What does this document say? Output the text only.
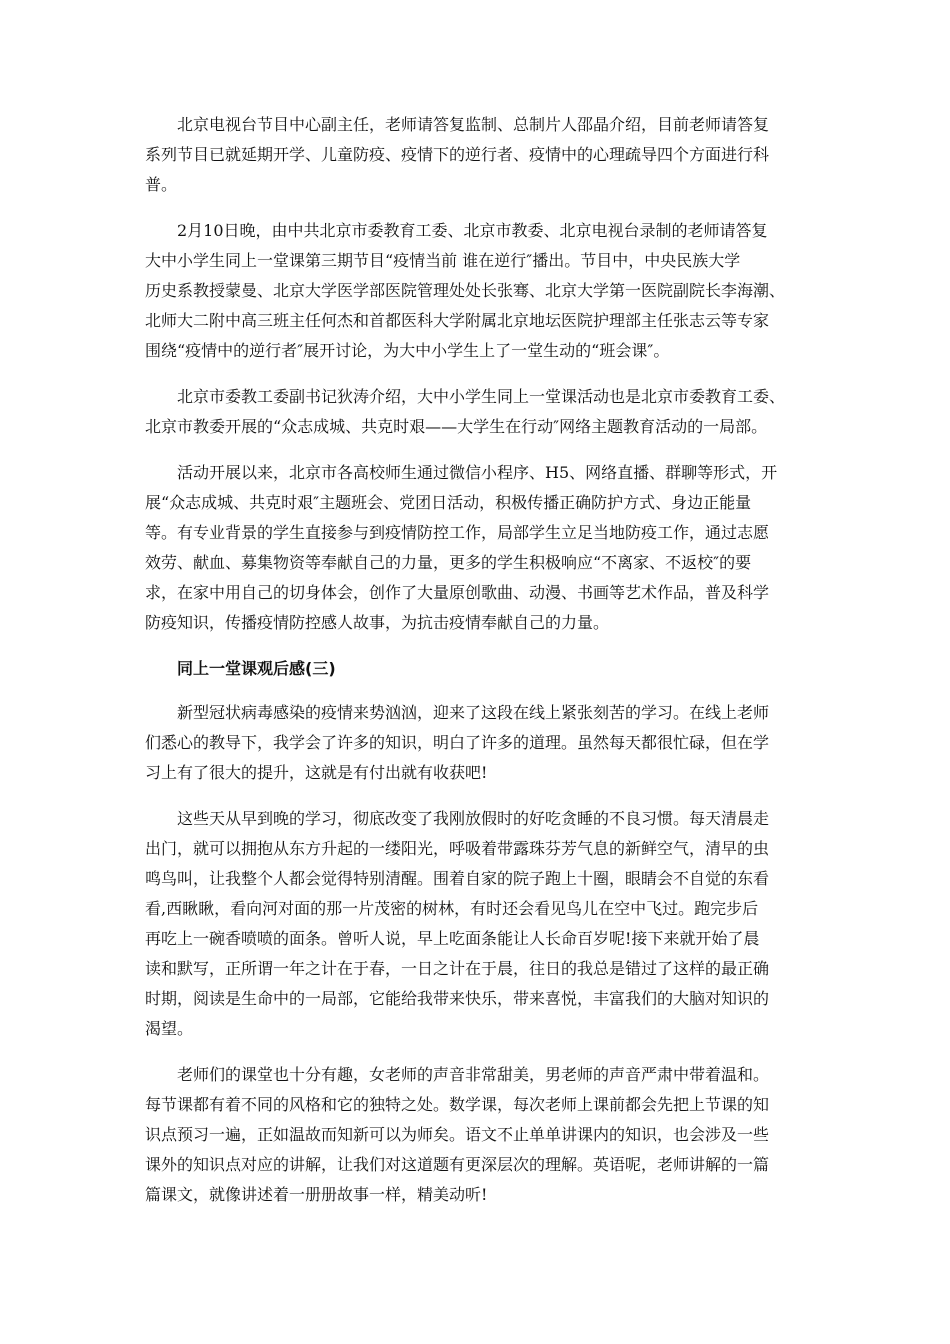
北京电视台节目中心副主任，老师请答复监制、总制片人邵晶介绍，目前老师请答复
系列节目已就延期开学、儿童防疫、疫情下的逆行者、疫情中的心理疏导四个方面进行科
普。
2月10日晚，由中共北京市委教育工委、北京市教委、北京电视台录制的老师请答复
大中小学生同上一堂课第三期节目“疫情当前 谁在逆行″播出。节目中，中央民族大学
历史系教授蒙曼、北京大学医学部医院管理处处长张骞、北京大学第一医院副院长李海潮、
北师大二附中高三班主任何杰和首都医科大学附属北京地坛医院护理部主任张志云等专家
围绕“疫情中的逆行者″展开讨论，为大中小学生上了一堂生动的“班会课″。
北京市委教工委副书记狄涛介绍，大中小学生同上一堂课活动也是北京市委教育工委、
北京市教委开展的“众志成城、共克时艰——大学生在行动″网络主题教育活动的一局部。
活动开展以来，北京市各高校师生通过微信小程序、H5、网络直播、群聊等形式，开
展“众志成城、共克时艰″主题班会、党团日活动，积极传播正确防护方式、身边正能量
等。有专业背景的学生直接参与到疫情防控工作，局部学生立足当地防疫工作，通过志愿
效劳、献血、募集物资等奉献自己的力量，更多的学生积极响应“不离家、不返校″的要
求，在家中用自己的切身体会，创作了大量原创歌曲、动漫、书画等艺术作品，普及科学
防疫知识，传播疫情防控感人故事，为抗击疫情奉献自己的力量。
同上一堂课观后感(三)
新型冠状病毒感染的疫情来势汹汹，迎来了这段在线上紧张刻苦的学习。在线上老师
们悉心的教导下，我学会了许多的知识，明白了许多的道理。虽然每天都很忙碌，但在学
习上有了很大的提升，这就是有付出就有收获吧!
这些天从早到晚的学习，彻底改变了我刚放假时的好吃贪睡的不良习惯。每天清晨走
出门，就可以拥抱从东方升起的一缕阳光，呼吸着带露珠芬芳气息的新鲜空气，清早的虫
鸣鸟叫，让我整个人都会觉得特别清醒。围着自家的院子跑上十圈，眼睛会不自觉的东看
看,西瞅瞅，看向河对面的那一片茂密的树林，有时还会看见鸟儿在空中飞过。跑完步后
再吃上一碗香喷喷的面条。曾听人说，早上吃面条能让人长命百岁呢!接下来就开始了晨
读和默写，正所谓一年之计在于春，一日之计在于晨，往日的我总是错过了这样的最正确
时期，阅读是生命中的一局部，它能给我带来快乐，带来喜悦，丰富我们的大脑对知识的
渴望。
老师们的课堂也十分有趣，女老师的声音非常甜美，男老师的声音严肃中带着温和。
每节课都有着不同的风格和它的独特之处。数学课，每次老师上课前都会先把上节课的知
识点预习一遍，正如温故而知新可以为师矣。语文不止单单讲课内的知识，也会涉及一些
课外的知识点对应的讲解，让我们对这道题有更深层次的理解。英语呢，老师讲解的一篇
篇课文，就像讲述着一册册故事一样，精美动听!
